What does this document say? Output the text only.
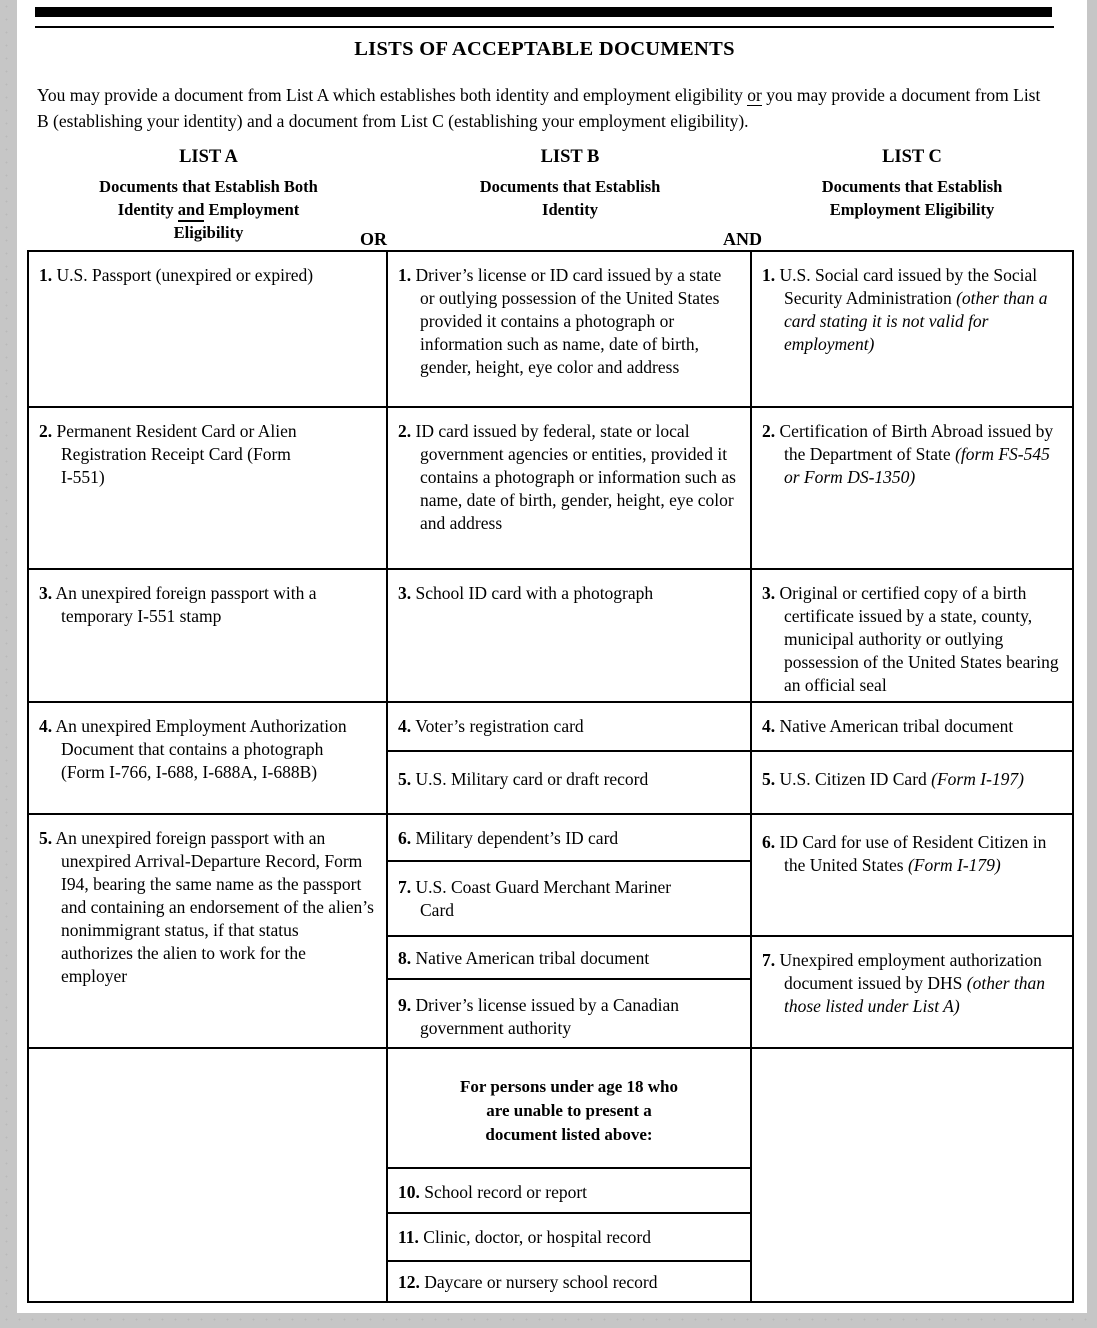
LISTS OF ACCEPTABLE DOCUMENTS

You may provide a document from List A which establishes both identity and employment eligibility or you may provide a document from List B (establishing your identity) and a document from List C (establishing your employment eligibility).

LIST A
Documents that Establish Both
Identity and Employment
Eligibility
LIST B
Documents that Establish
Identity
LIST C
Documents that Establish
Employment Eligibility
OR	AND

1. U.S. Passport (unexpired or expired)

2. Permanent Resident Card or Alien Registration Receipt Card (Form
I-551)

3. An unexpired foreign passport with a temporary I-551 stamp

4. An unexpired Employment Authorization Document that contains a photograph
(Form I-766, I-688, I-688A, I-688B)

5. An unexpired foreign passport with an unexpired Arrival-Departure Record, Form I94, bearing the same name as the passport and containing an endorsement of the alien’s nonimmigrant status, if that status authorizes the alien to work for the employer

1. Driver’s license or ID card issued by a state or outlying possession of the United States provided it contains a photograph or information such as name, date of birth, gender, height, eye color and address

2. ID card issued by federal, state or local government agencies or entities, provided it contains a photograph or information such as name, date of birth, gender, height, eye color and address

3. School ID card with a photograph

4. Voter’s registration card

5. U.S. Military card or draft record

6. Military dependent’s ID card

7. U.S. Coast Guard Merchant Mariner
Card

8. Native American tribal document

9. Driver’s license issued by a Canadian government authority

For persons under age 18 who
are unable to present a
document listed above:

10. School record or report

11. Clinic, doctor, or hospital record

12. Daycare or nursery school record

1. U.S. Social card issued by the Social Security Administration (other than a card stating it is not valid for employment)

2. Certification of Birth Abroad issued by the Department of State (form FS-545 or Form DS-1350)

3. Original or certified copy of a birth certificate issued by a state, county, municipal authority or outlying possession of the United States bearing an official seal

4. Native American tribal document

5. U.S. Citizen ID Card (Form I-197)

6. ID Card for use of Resident Citizen in the United States (Form I-179)

7. Unexpired employment authorization document issued by DHS (other than those listed under List A)
